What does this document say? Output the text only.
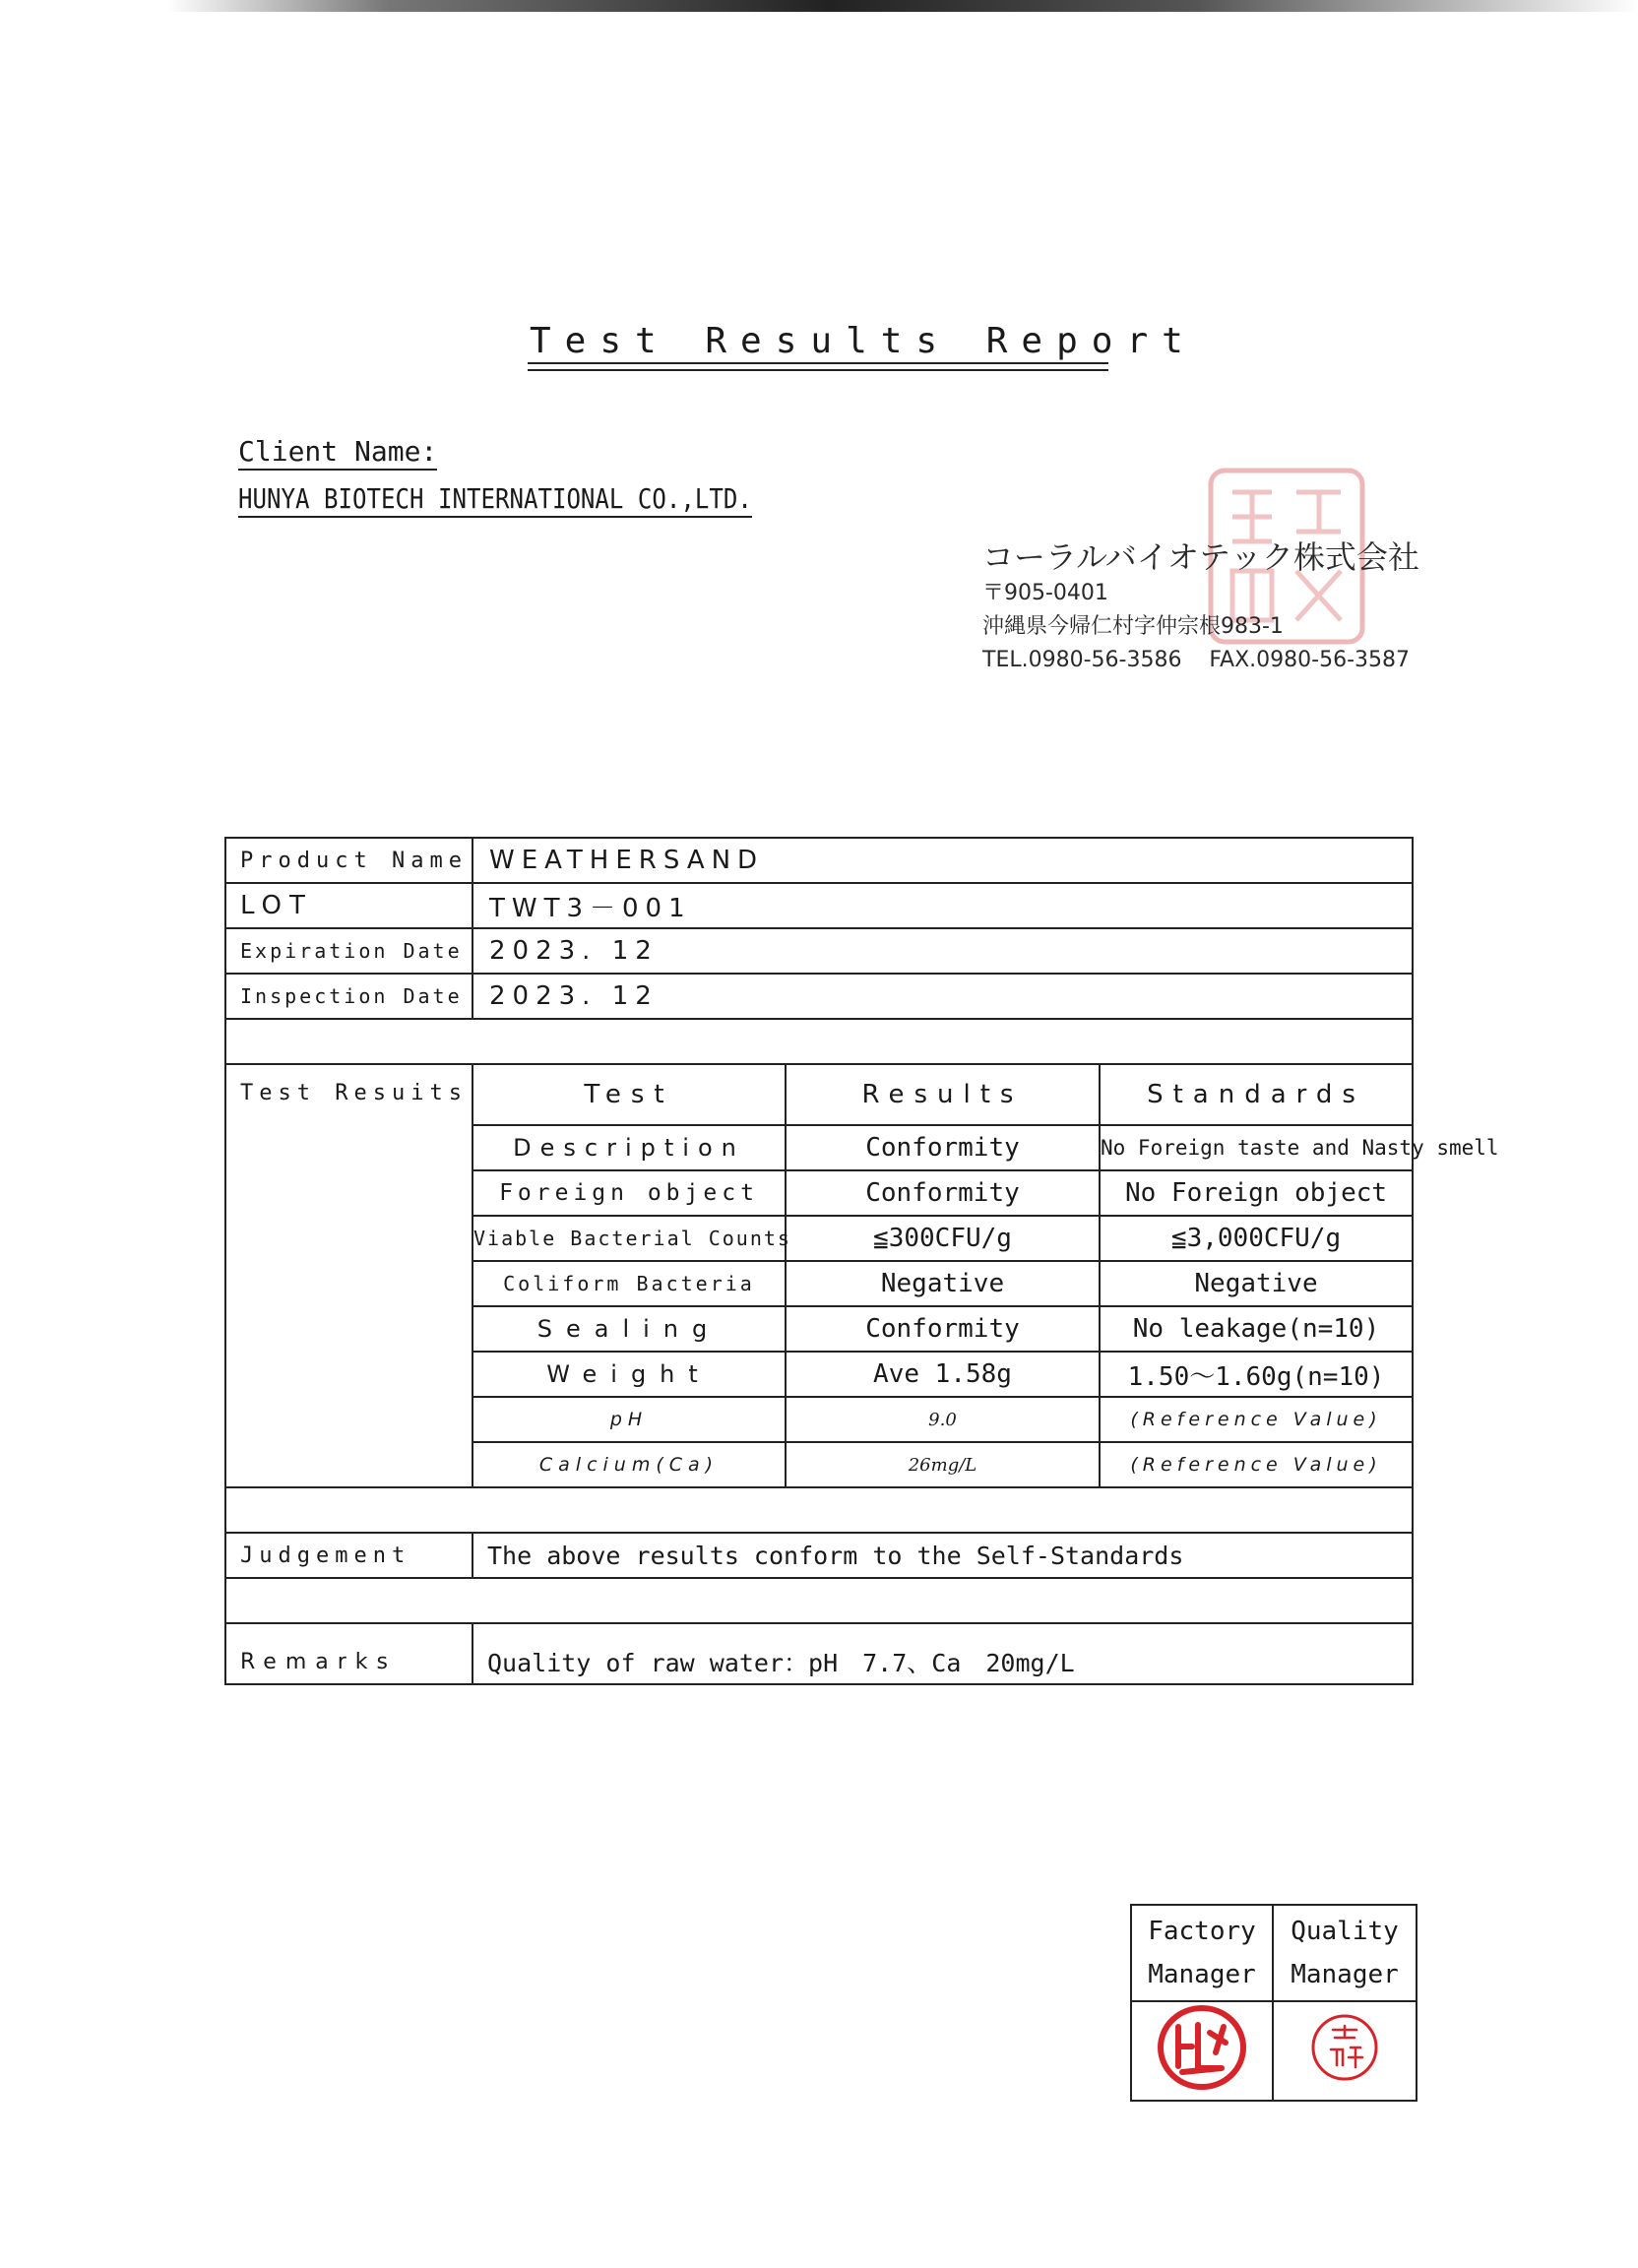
Test Results Report
Client Name:
HUNYA BIOTECH INTERNATIONAL CO.,LTD.
コーラルバイオテック株式会社
〒905-0401
沖縄県今帰仁村字仲宗根983-1
TEL.0980-56-3586 FAX.0980-56-3587
Product Name	WEATHERSAND		
LOT	TWT3－001		
Expiration Date	2023. 12		
Inspection Date	2023. 12		

Test Resuits	Test	Results	Standards
	Description	Conformity	No Foreign taste and Nasty smell
	Foreign object	Conformity	No Foreign object
	Viable Bacterial Counts	≦300CFU/g	≦3,000CFU/g
	Coliform Bacteria	Negative	Negative
	Sealing	Conformity	No leakage(n=10)
	Weight	Ave 1.58g	1.50～1.60g(n=10)
	pH	9.0	(Reference Value)
	Calcium(Ca)	26mg/L	(Reference Value)

Judgement	The above results conform to the Self-Standards		

Remarks	Quality of raw water：pH　7.7、Ca　20mg/L		
Factory Manager	Quality Manager
